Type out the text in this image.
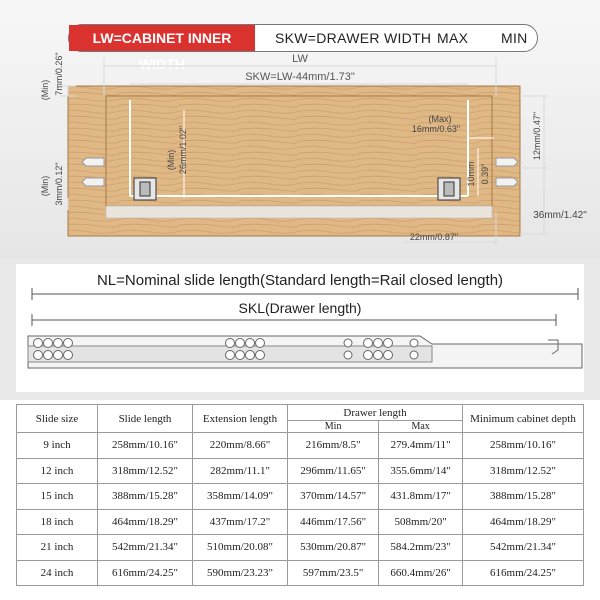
LW=CABINET INNER WIDTH
SKW=DRAWER WIDTH MAX MIN
LW
SKW=LW-44mm/1.73"
(Min) 7mm/0.26"
(Min) 3mm/0.12"
(Min) 26mm/1.02"
(Max)
16mm/0.63"
10mm 0.39"
12mm/0.47"
36mm/1.42"
22mm/0.87"
NL=Nominal slide length(Standard length=Rail closed length)
SKL(Drawer length)
Slide size	Slide length	Extension length	Drawer length		Minimum cabinet depth
			Min	Max	
9 inch	258mm/10.16"	220mm/8.66"	216mm/8.5"	279.4mm/11"	258mm/10.16"
12 inch	318mm/12.52"	282mm/11.1"	296mm/11.65"	355.6mm/14"	318mm/12.52"
15 inch	388mm/15.28"	358mm/14.09"	370mm/14.57"	431.8mm/17"	388mm/15.28"
18 inch	464mm/18.29"	437mm/17.2"	446mm/17.56"	508mm/20"	464mm/18.29"
21 inch	542mm/21.34"	510mm/20.08"	530mm/20.87"	584.2mm/23"	542mm/21.34"
24 inch	616mm/24.25"	590mm/23.23"	597mm/23.5"	660.4mm/26"	616mm/24.25"
